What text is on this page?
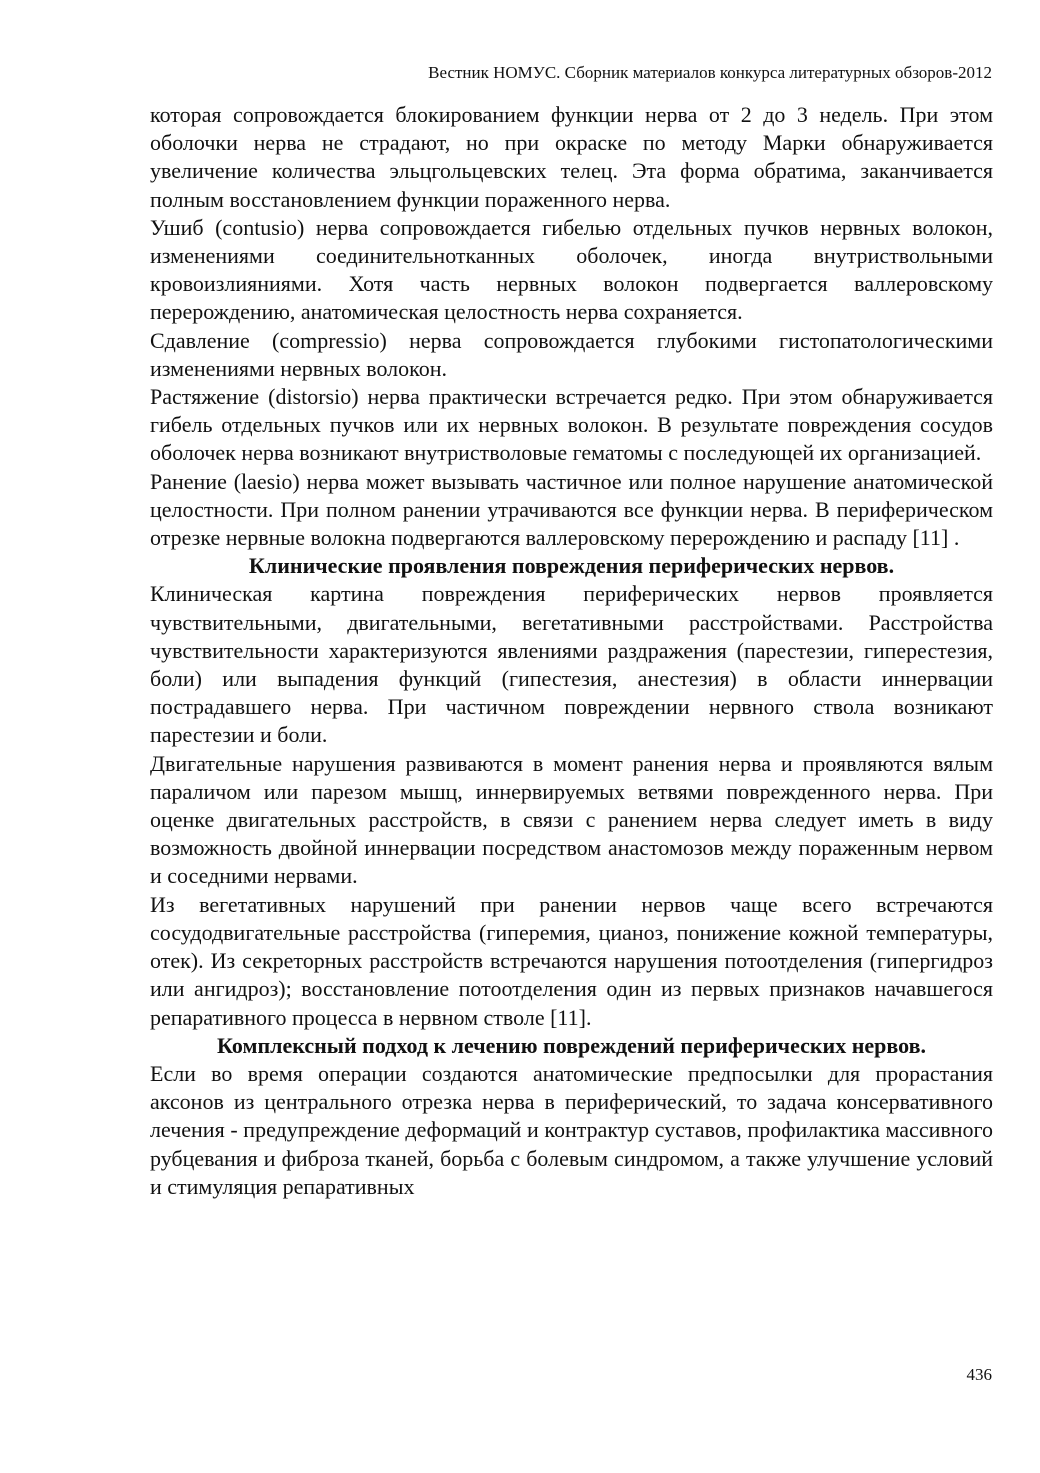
Вестник НОМУС. Сборник материалов конкурса литературных обзоров-2012

которая сопровождается блокированием функции нерва от 2 до 3 недель. При этом оболочки нерва не страдают, но при окраске по методу Марки обнаруживается увеличение количества эльцгольцевских телец. Эта форма обратима, заканчивается полным восстановлением функции пораженного нерва.

Ушиб (contusio) нерва сопровождается гибелью отдельных пучков нервных волокон, изменениями соединительнотканных оболочек, иногда внутриствольными кровоизлияниями. Хотя часть нервных волокон подвергается валлеровскому перерождению, анатомическая целостность нерва сохраняется.

Сдавление (compressio) нерва сопровождается глубокими гистопатологическими изменениями нервных волокон.

Растяжение (distorsio) нерва практически встречается редко. При этом обнаруживается гибель отдельных пучков или их нервных волокон. В результате повреждения сосудов оболочек нерва возникают внутристволовые гематомы с последующей их организацией.

Ранение (laesio) нерва может вызывать частичное или полное нарушение анатомической целостности. При полном ранении утрачиваются все функции нерва. В периферическом отрезке нервные волокна подвергаются валлеровскому перерождению и распаду [11] .

Клинические проявления повреждения периферических нервов.

Клиническая картина повреждения периферических нервов проявляется чувствительными, двигательными, вегетативными расстройствами. Расстройства чувствительности характеризуются явлениями раздражения (парестезии, гиперестезия, боли) или выпадения функций (гипестезия, анестезия) в области иннервации пострадавшего нерва. При частичном повреждении нервного ствола возникают парестезии и боли.

Двигательные нарушения развиваются в момент ранения нерва и проявляются вялым параличом или парезом мышц, иннервируемых ветвями поврежденного нерва. При оценке двигательных расстройств, в связи с ранением нерва следует иметь в виду возможность двойной иннервации посредством анастомозов между пораженным нервом и соседними нервами.

Из вегетативных нарушений при ранении нервов чаще всего встречаются сосудодвигательные расстройства (гиперемия, цианоз, понижение кожной температуры, отек). Из секреторных расстройств встречаются нарушения потоотделения (гипергидроз или ангидроз); восстановление потоотделения один из первых признаков начавшегося репаративного процесса в нервном стволе [11].

Комплексный подход к лечению повреждений периферических нервов.

Если во время операции создаются анатомические предпосылки для прорастания аксонов из центрального отрезка нерва в периферический, то задача консервативного лечения - предупреждение деформаций и контрактур суставов, профилактика массивного рубцевания и фиброза тканей, борьба с болевым синдромом, а также улучшение условий и стимуляция репаративных

436
